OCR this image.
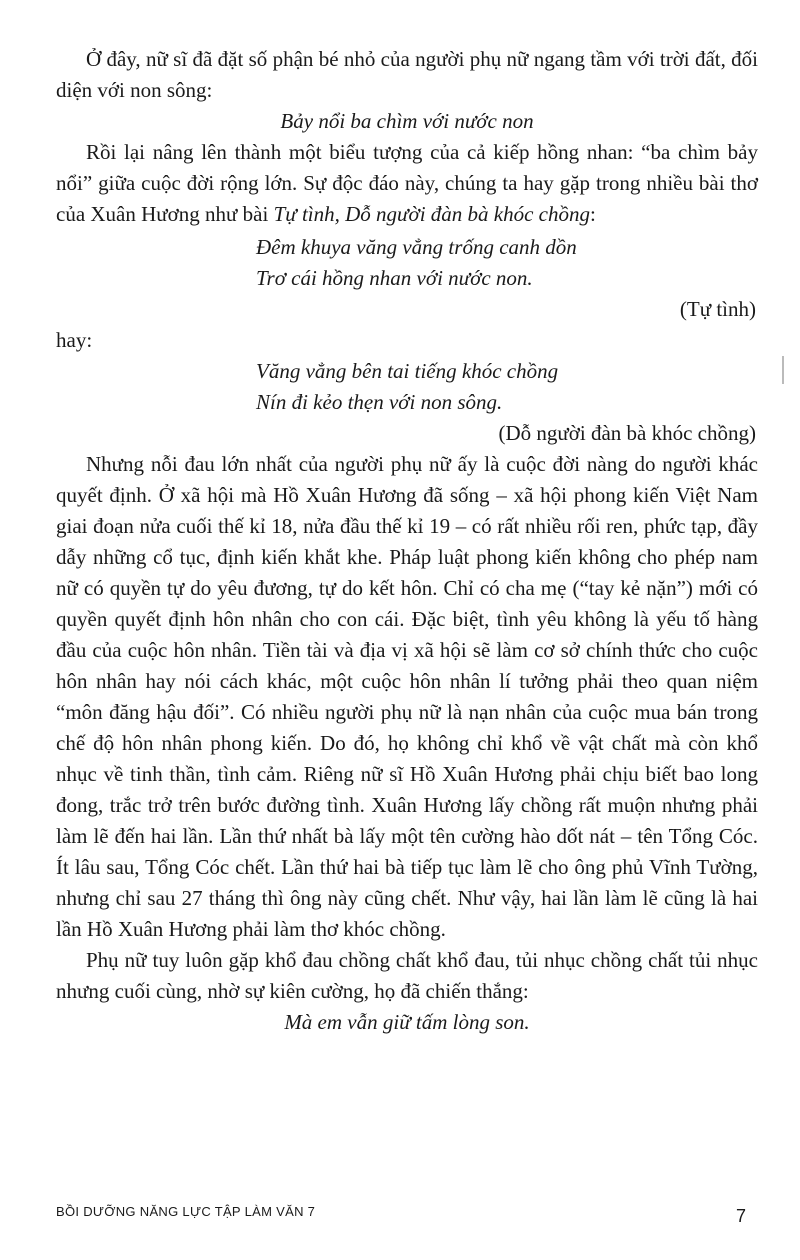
Ở đây, nữ sĩ đã đặt số phận bé nhỏ của người phụ nữ ngang tầm với trời đất, đối diện với non sông:

Bảy nổi ba chìm với nước non

Rồi lại nâng lên thành một biểu tượng của cả kiếp hồng nhan: “ba chìm bảy nổi” giữa cuộc đời rộng lớn. Sự độc đáo này, chúng ta hay gặp trong nhiều bài thơ của Xuân Hương như bài Tự tình, Dỗ người đàn bà khóc chồng:

Đêm khuya văng vẳng trống canh dồn

Trơ cái hồng nhan với nước non.

(Tự tình)

hay:

Văng vẳng bên tai tiếng khóc chồng

Nín đi kẻo thẹn với non sông.

(Dỗ người đàn bà khóc chồng)

Nhưng nỗi đau lớn nhất của người phụ nữ ấy là cuộc đời nàng do người khác quyết định. Ở xã hội mà Hồ Xuân Hương đã sống – xã hội phong kiến Việt Nam giai đoạn nửa cuối thế kỉ 18, nửa đầu thế kỉ 19 – có rất nhiều rối ren, phức tạp, đầy dẫy những cổ tục, định kiến khắt khe. Pháp luật phong kiến không cho phép nam nữ có quyền tự do yêu đương, tự do kết hôn. Chỉ có cha mẹ (“tay kẻ nặn”) mới có quyền quyết định hôn nhân cho con cái. Đặc biệt, tình yêu không là yếu tố hàng đầu của cuộc hôn nhân. Tiền tài và địa vị xã hội sẽ làm cơ sở chính thức cho cuộc hôn nhân hay nói cách khác, một cuộc hôn nhân lí tưởng phải theo quan niệm “môn đăng hậu đối”. Có nhiều người phụ nữ là nạn nhân của cuộc mua bán trong chế độ hôn nhân phong kiến. Do đó, họ không chỉ khổ về vật chất mà còn khổ nhục về tinh thần, tình cảm. Riêng nữ sĩ Hồ Xuân Hương phải chịu biết bao long đong, trắc trở trên bước đường tình. Xuân Hương lấy chồng rất muộn nhưng phải làm lẽ đến hai lần. Lần thứ nhất bà lấy một tên cường hào dốt nát – tên Tổng Cóc. Ít lâu sau, Tổng Cóc chết. Lần thứ hai bà tiếp tục làm lẽ cho ông phủ Vĩnh Tường, nhưng chỉ sau 27 tháng thì ông này cũng chết. Như vậy, hai lần làm lẽ cũng là hai lần Hồ Xuân Hương phải làm thơ khóc chồng.

Phụ nữ tuy luôn gặp khổ đau chồng chất khổ đau, tủi nhục chồng chất tủi nhục nhưng cuối cùng, nhờ sự kiên cường, họ đã chiến thắng:

Mà em vẫn giữ tấm lòng son.

BỒI DƯỠNG NĂNG LỰC TẬP LÀM VĂN 7	7
